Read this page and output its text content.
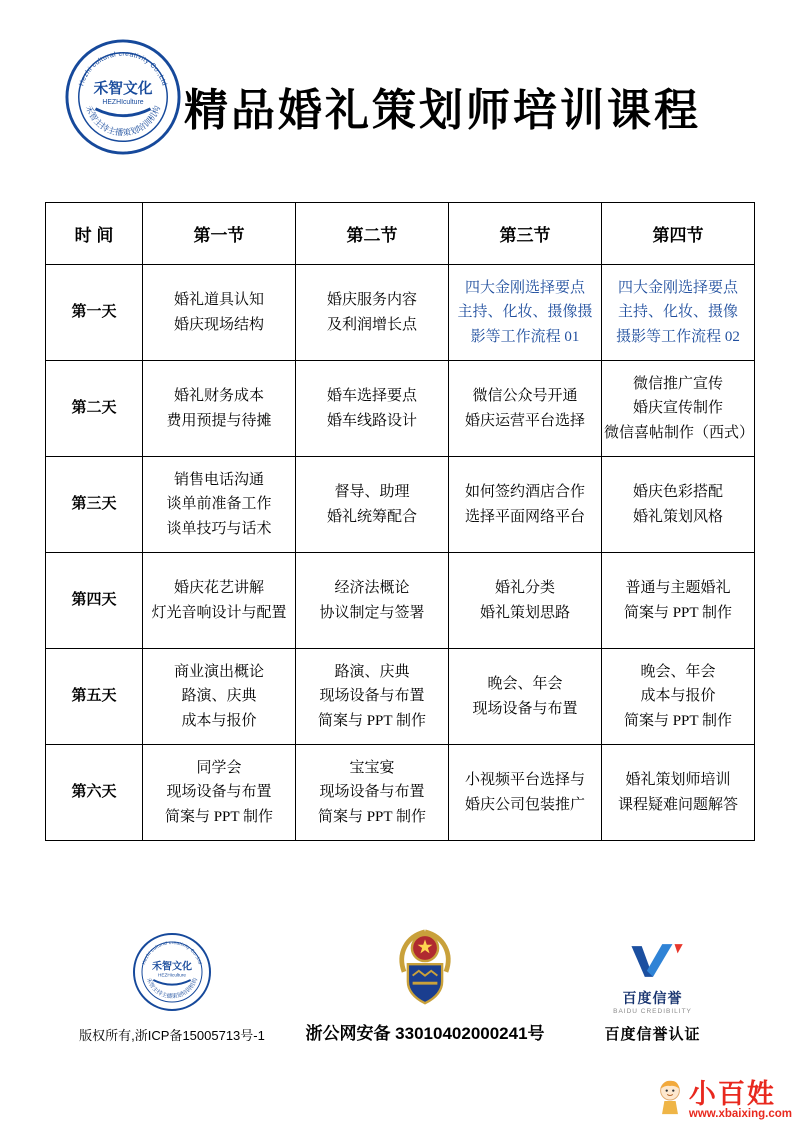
Hezhi cultural creativity Co.,Ltd
禾智主持主播策划培训机构
禾智文化
HEZHIculture 精品婚礼策划师培训课程
时 间	第一节	第二节	第三节	第四节
第一天	
婚礼道具认知
婚庆现场结构

婚庆服务内容
及利润增长点

四大金刚选择要点
主持、化妆、摄像摄
影等工作流程 01

四大金刚选择要点
主持、化妆、摄像
摄影等工作流程 02

第二天	
婚礼财务成本
费用预提与待摊

婚车选择要点
婚车线路设计

微信公众号开通
婚庆运营平台选择

微信推广宣传
婚庆宣传制作
微信喜帖制作（西式）

第三天	
销售电话沟通
谈单前准备工作
谈单技巧与话术

督导、助理
婚礼统筹配合

如何签约酒店合作
选择平面网络平台

婚庆色彩搭配
婚礼策划风格

第四天	
婚庆花艺讲解
灯光音响设计与配置

经济法概论
协议制定与签署

婚礼分类
婚礼策划思路

普通与主题婚礼
简案与 PPT 制作

第五天	
商业演出概论
路演、庆典
成本与报价

路演、庆典
现场设备与布置
简案与 PPT 制作

晚会、年会
现场设备与布置

晚会、年会
成本与报价
简案与 PPT 制作

第六天	
同学会
现场设备与布置
简案与 PPT 制作

宝宝宴
现场设备与布置
简案与 PPT 制作

小视频平台选择与
婚庆公司包装推广

婚礼策划师培训
课程疑难问题解答
Hezhi cultural creativity Co.,Ltd
禾智主持主播策划培训机构
禾智文化
HEZHIculture
版权所有,浙ICP备15005713号-1	浙公网安备 33010402000241号
百度信誉
BAIDU CREDIBILITY
百度信誉认证
小百姓
www.xbaixing.com
